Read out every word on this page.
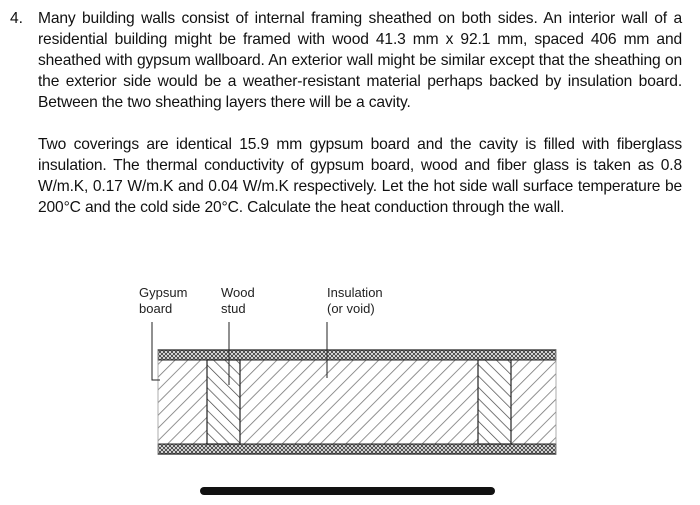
4. Many building walls consist of internal framing sheathed on both sides. An interior wall of a residential building might be framed with wood 41.3 mm x 92.1 mm, spaced 406 mm and sheathed with gypsum wallboard. An exterior wall might be similar except that the sheathing on the exterior side would be a weather-resistant material perhaps backed by insulation board. Between the two sheathing layers there will be a cavity.

Two coverings are identical 15.9 mm gypsum board and the cavity is filled with fiberglass insulation. The thermal conductivity of gypsum board, wood and fiber glass is taken as 0.8 W/m.K, 0.17 W/m.K and 0.04 W/m.K respectively. Let the hot side wall surface temperature be 200°C and the cold side 20°C. Calculate the heat conduction through the wall.

Gypsum
board
Wood
stud
Insulation
(or void)
